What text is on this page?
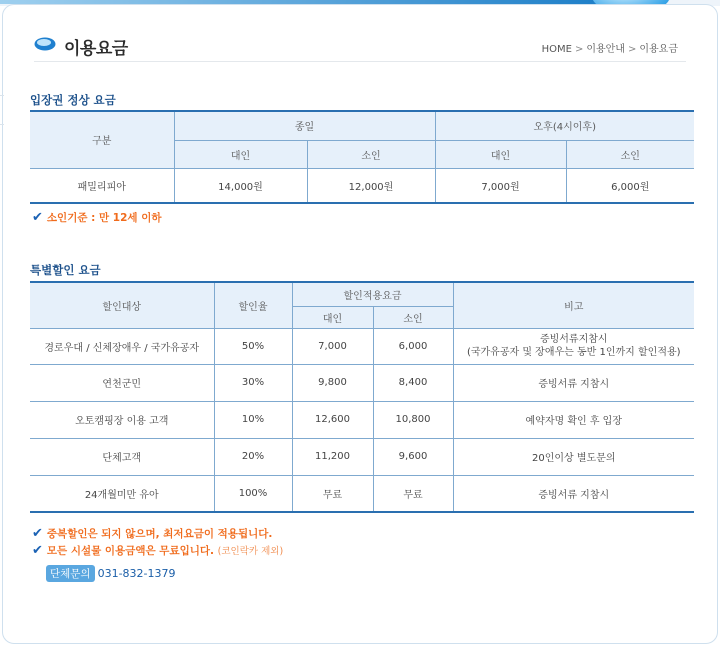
이용요금	HOME > 이용안내 > 이용요금
입장권 정상 요금
구분	종일		오후(4시이후)	
	대인	소인	대인	소인
패밀리피아	14,000원	12,000원	7,000원	6,000원
✔ 소인기준 : 만 12세 이하
특별할인 요금
할인대상	할인율	할인적용요금		비고
		대인	소인	
경로우대 / 신체장애우 / 국가유공자	50%	7,000	6,000	증빙서류지참시
(국가유공자 및 장애우는 동반 1인까지 할인적용)

연천군민	30%	9,800	8,400	증빙서류 지참시
오토캠핑장 이용 고객	10%	12,600	10,800	예약자명 확인 후 입장
단체고객	20%	11,200	9,600	20인이상 별도문의
24개월미만 유아	100%	무료	무료	증빙서류 지참시
✔ 중복할인은 되지 않으며, 최저요금이 적용됩니다.
✔ 모든 시설물 이용금액은 무료입니다. (코인락카 제외)
단체문의 031-832-1379
